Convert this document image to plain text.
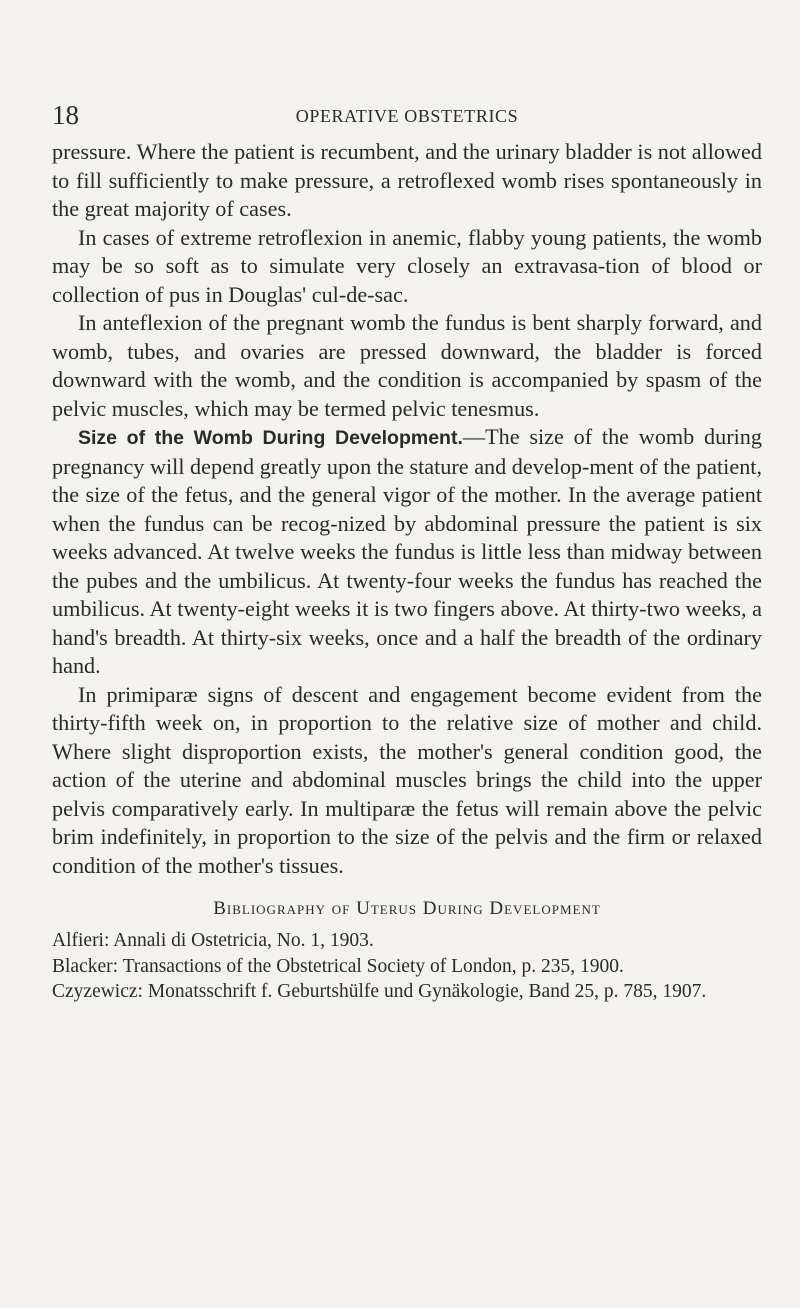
18	OPERATIVE OBSTETRICS

pressure. Where the patient is recumbent, and the urinary bladder is not allowed to fill sufficiently to make pressure, a retroflexed womb rises spontaneously in the great majority of cases.

In cases of extreme retroflexion in anemic, flabby young patients, the womb may be so soft as to simulate very closely an extravasa-tion of blood or collection of pus in Douglas' cul-de-sac.

In anteflexion of the pregnant womb the fundus is bent sharply forward, and womb, tubes, and ovaries are pressed downward, the bladder is forced downward with the womb, and the condition is accompanied by spasm of the pelvic muscles, which may be termed pelvic tenesmus.

Size of the Womb During Development.—The size of the womb during pregnancy will depend greatly upon the stature and develop-ment of the patient, the size of the fetus, and the general vigor of the mother. In the average patient when the fundus can be recog-nized by abdominal pressure the patient is six weeks advanced. At twelve weeks the fundus is little less than midway between the pubes and the umbilicus. At twenty-four weeks the fundus has reached the umbilicus. At twenty-eight weeks it is two fingers above. At thirty-two weeks, a hand's breadth. At thirty-six weeks, once and a half the breadth of the ordinary hand.

In primiparæ signs of descent and engagement become evident from the thirty-fifth week on, in proportion to the relative size of mother and child. Where slight disproportion exists, the mother's general condition good, the action of the uterine and abdominal muscles brings the child into the upper pelvis comparatively early. In multiparæ the fetus will remain above the pelvic brim indefinitely, in proportion to the size of the pelvis and the firm or relaxed condition of the mother's tissues.

Bibliography of Uterus During Development
Alfieri: Annali di Ostetricia, No. 1, 1903.
Blacker: Transactions of the Obstetrical Society of London, p. 235, 1900.
Czyzewicz: Monatsschrift f. Geburtshülfe und Gynäkologie, Band 25, p. 785, 1907.
